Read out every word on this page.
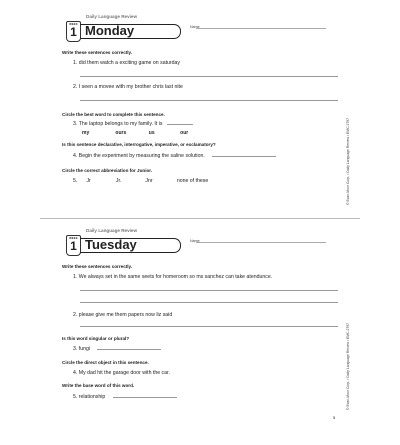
Daily Language Review
WEEK
1 Monday	Name

Write these sentences correctly.

1. did them watch a exciting game on saturday
2. I seen a movee with my brother chris last nite

Circle the best word to complete this sentence.

3. The laptop belongs to my family. It is
my	ours	us	our

Is this sentence declarative, interrogative, imperative, or exclamatory?

4. Begin the experiment by measuring the saline solution.

Circle the correct abbreviation for Junior.

5. Jr	Jr.	Jnr	none of these
Daily Language Review
WEEK
1 Tuesday	Name

Write these sentences correctly.

1. We always set in the same seets for homeroom so ms sanchez can take atendunce.
2. please give me them papers now liz said

Is this word singular or plural?

3. fungi

Circle the direct object in this sentence.

4. My dad hit the garage door with the car.

Write the base word of this word.

5. relationship
© Evan-Moor Corp. • Daily Language Review • EMC 2797
© Evan-Moor Corp. • Daily Language Review • EMC 2797
5
